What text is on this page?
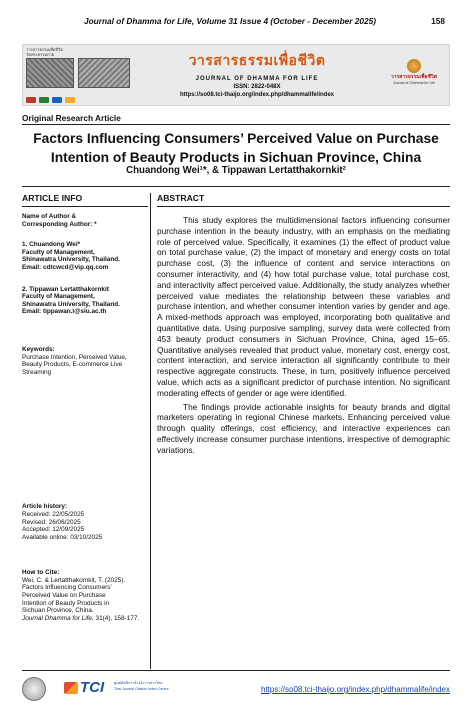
Journal of Dhamma for Life, Volume 31 Issue 4 (October - December 2025)	158
วารสารธรรมเพื่อชีวิต
วัดพระธรรมกาย	วารสารธรรมเพื่อชีวิต
JOURNAL OF DHAMMA FOR LIFE
ISSN: 2822-048X
https://so08.tci-thaijo.org/index.php/dhammalife/index
วารสารธรรมเพื่อชีวิต
Journal of Dhamma for Life
Original Research Article
Factors Influencing Consumers’ Perceived Value on Purchase
Intention of Beauty Products in Sichuan Province, China
Chuandong Wei¹*, & Tippawan Lertatthakornkit²
ARTICLE INFO
Name of Author &
Corresponding Author: *
1. Chuandong Wei*
Faculty of Management,
Shinawatra University, Thailand.
Email: cdtcwcd@vip.qq.com
2. Tippawan Lertatthakornkit
Faculty of Management,
Shinawatra University, Thailand.
Email: tippawan.l@siu.ac.th
Keywords:
Purchase Intention, Perceived Value,
Beauty Products, E-commerce Live
Streaming
Article history:
Received: 22/05/2025
Revised: 26/06/2025
Accepted: 12/09/2025
Available online: 03/10/2025
How to Cite:
Wei, C. & Lertatthakornkit, T. (2025).
Factors Influencing Consumers’
Perceived Value on Purchase
Intention of Beauty Products in
Sichuan Province, China.
Journal Dhamma for Life, 31(4), 158-177.
ABSTRACT

This study explores the multidimensional factors influencing consumer purchase intention in the beauty industry, with an emphasis on the mediating role of perceived value. Specifically, it examines (1) the effect of product value on total purchase value, (2) the impact of monetary and energy costs on total purchase cost, (3) the influence of content and service interactions on consumer interactivity, and (4) how total purchase value, total purchase cost, and interactivity affect perceived value. Additionally, the study analyzes whether perceived value mediates the relationship between these variables and purchase intention, and whether consumer intention varies by gender and age. A mixed-methods approach was employed, incorporating both qualitative and quantitative data. Using purposive sampling, survey data were collected from 453 beauty product consumers in Sichuan Province, China, aged 15–65. Quantitative analyses revealed that product value, monetary cost, energy cost, content interaction, and service interaction all significantly contribute to their respective aggregate constructs. These, in turn, positively influence perceived value, which acts as a significant predictor of purchase intention. No significant moderating effects of gender or age were identified.

The findings provide actionable insights for beauty brands and digital marketers operating in regional Chinese markets. Enhancing perceived value through quality offerings, cost efficiency, and interactive experiences can effectively increase consumer purchase intentions, irrespective of demographic variations.

TCI	ศูนย์ดัชนีการอ้างอิงวารสารไทย
Thai-Journal Citation Index Centre	https://so08.tci-thaijo.org/index.php/dhammalife/index
